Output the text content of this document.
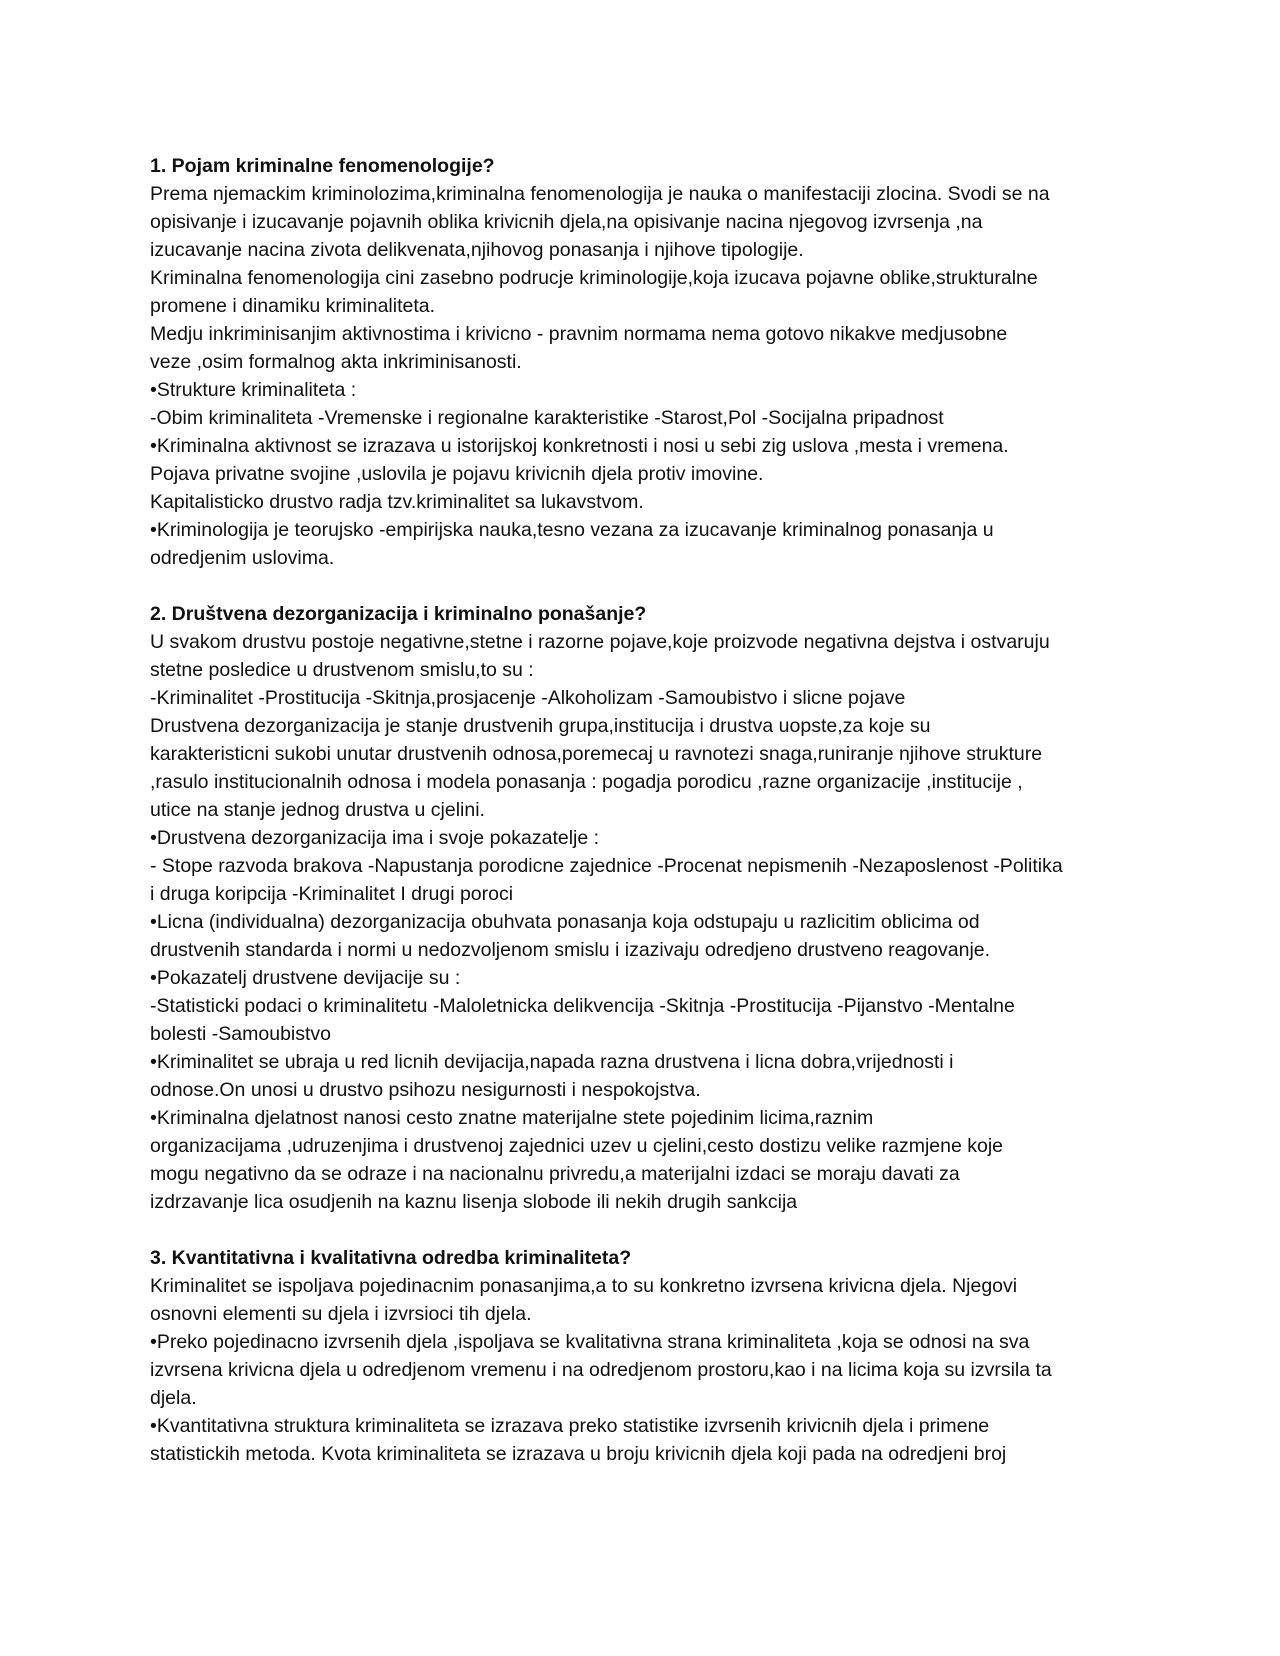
1. Pojam kriminalne fenomenologije?
Prema njemackim kriminolozima,kriminalna fenomenologija je nauka o manifestaciji zlocina. Svodi se na
opisivanje i izucavanje pojavnih oblika krivicnih djela,na opisivanje nacina njegovog izvrsenja ,na
izucavanje nacina zivota delikvenata,njihovog ponasanja i njihove tipologije.
Kriminalna fenomenologija cini zasebno podrucje kriminologije,koja izucava pojavne oblike,strukturalne
promene i dinamiku kriminaliteta.
Medju inkriminisanjim aktivnostima i krivicno - pravnim normama nema gotovo nikakve medjusobne
veze ,osim formalnog akta inkriminisanosti.
•Strukture kriminaliteta :
-Obim kriminaliteta -Vremenske i regionalne karakteristike -Starost,Pol -Socijalna pripadnost
•Kriminalna aktivnost se izrazava u istorijskoj konkretnosti i nosi u sebi zig uslova ,mesta i vremena.
Pojava privatne svojine ,uslovila je pojavu krivicnih djela protiv imovine.
Kapitalisticko drustvo radja tzv.kriminalitet sa lukavstvom.
•Kriminologija je teorujsko -empirijska nauka,tesno vezana za izucavanje kriminalnog ponasanja u
odredjenim uslovima.
2. Društvena dezorganizacija i kriminalno ponašanje?
U svakom drustvu postoje negativne,stetne i razorne pojave,koje proizvode negativna dejstva i ostvaruju
stetne posledice u drustvenom smislu,to su :
-Kriminalitet -Prostitucija -Skitnja,prosjacenje -Alkoholizam -Samoubistvo i slicne pojave
Drustvena dezorganizacija je stanje drustvenih grupa,institucija i drustva uopste,za koje su
karakteristicni sukobi unutar drustvenih odnosa,poremecaj u ravnotezi snaga,runiranje njihove strukture
,rasulo institucionalnih odnosa i modela ponasanja : pogadja porodicu ,razne organizacije ,institucije ,
utice na stanje jednog drustva u cjelini.
•Drustvena dezorganizacija ima i svoje pokazatelje :
- Stope razvoda brakova -Napustanja porodicne zajednice -Procenat nepismenih -Nezaposlenost -Politika
i druga koripcija -Kriminalitet I drugi poroci
•Licna (individualna) dezorganizacija obuhvata ponasanja koja odstupaju u razlicitim oblicima od
drustvenih standarda i normi u nedozvoljenom smislu i izazivaju odredjeno drustveno reagovanje.
•Pokazatelj drustvene devijacije su :
-Statisticki podaci o kriminalitetu -Maloletnicka delikvencija -Skitnja -Prostitucija -Pijanstvo -Mentalne
bolesti -Samoubistvo
•Kriminalitet se ubraja u red licnih devijacija,napada razna drustvena i licna dobra,vrijednosti i
odnose.On unosi u drustvo psihozu nesigurnosti i nespokojstva.
•Kriminalna djelatnost nanosi cesto znatne materijalne stete pojedinim licima,raznim
organizacijama ,udruzenjima i drustvenoj zajednici uzev u cjelini,cesto dostizu velike razmjene koje
mogu negativno da se odraze i na nacionalnu privredu,a materijalni izdaci se moraju davati za
izdrzavanje lica osudjenih na kaznu lisenja slobode ili nekih drugih sankcija
3. Kvantitativna i kvalitativna odredba kriminaliteta?
Kriminalitet se ispoljava pojedinacnim ponasanjima,a to su konkretno izvrsena krivicna djela. Njegovi
osnovni elementi su djela i izvrsioci tih djela.
•Preko pojedinacno izvrsenih djela ,ispoljava se kvalitativna strana kriminaliteta ,koja se odnosi na sva
izvrsena krivicna djela u odredjenom vremenu i na odredjenom prostoru,kao i na licima koja su izvrsila ta
djela.
•Kvantitativna struktura kriminaliteta se izrazava preko statistike izvrsenih krivicnih djela i primene
statistickih metoda. Kvota kriminaliteta se izrazava u broju krivicnih djela koji pada na odredjeni broj
